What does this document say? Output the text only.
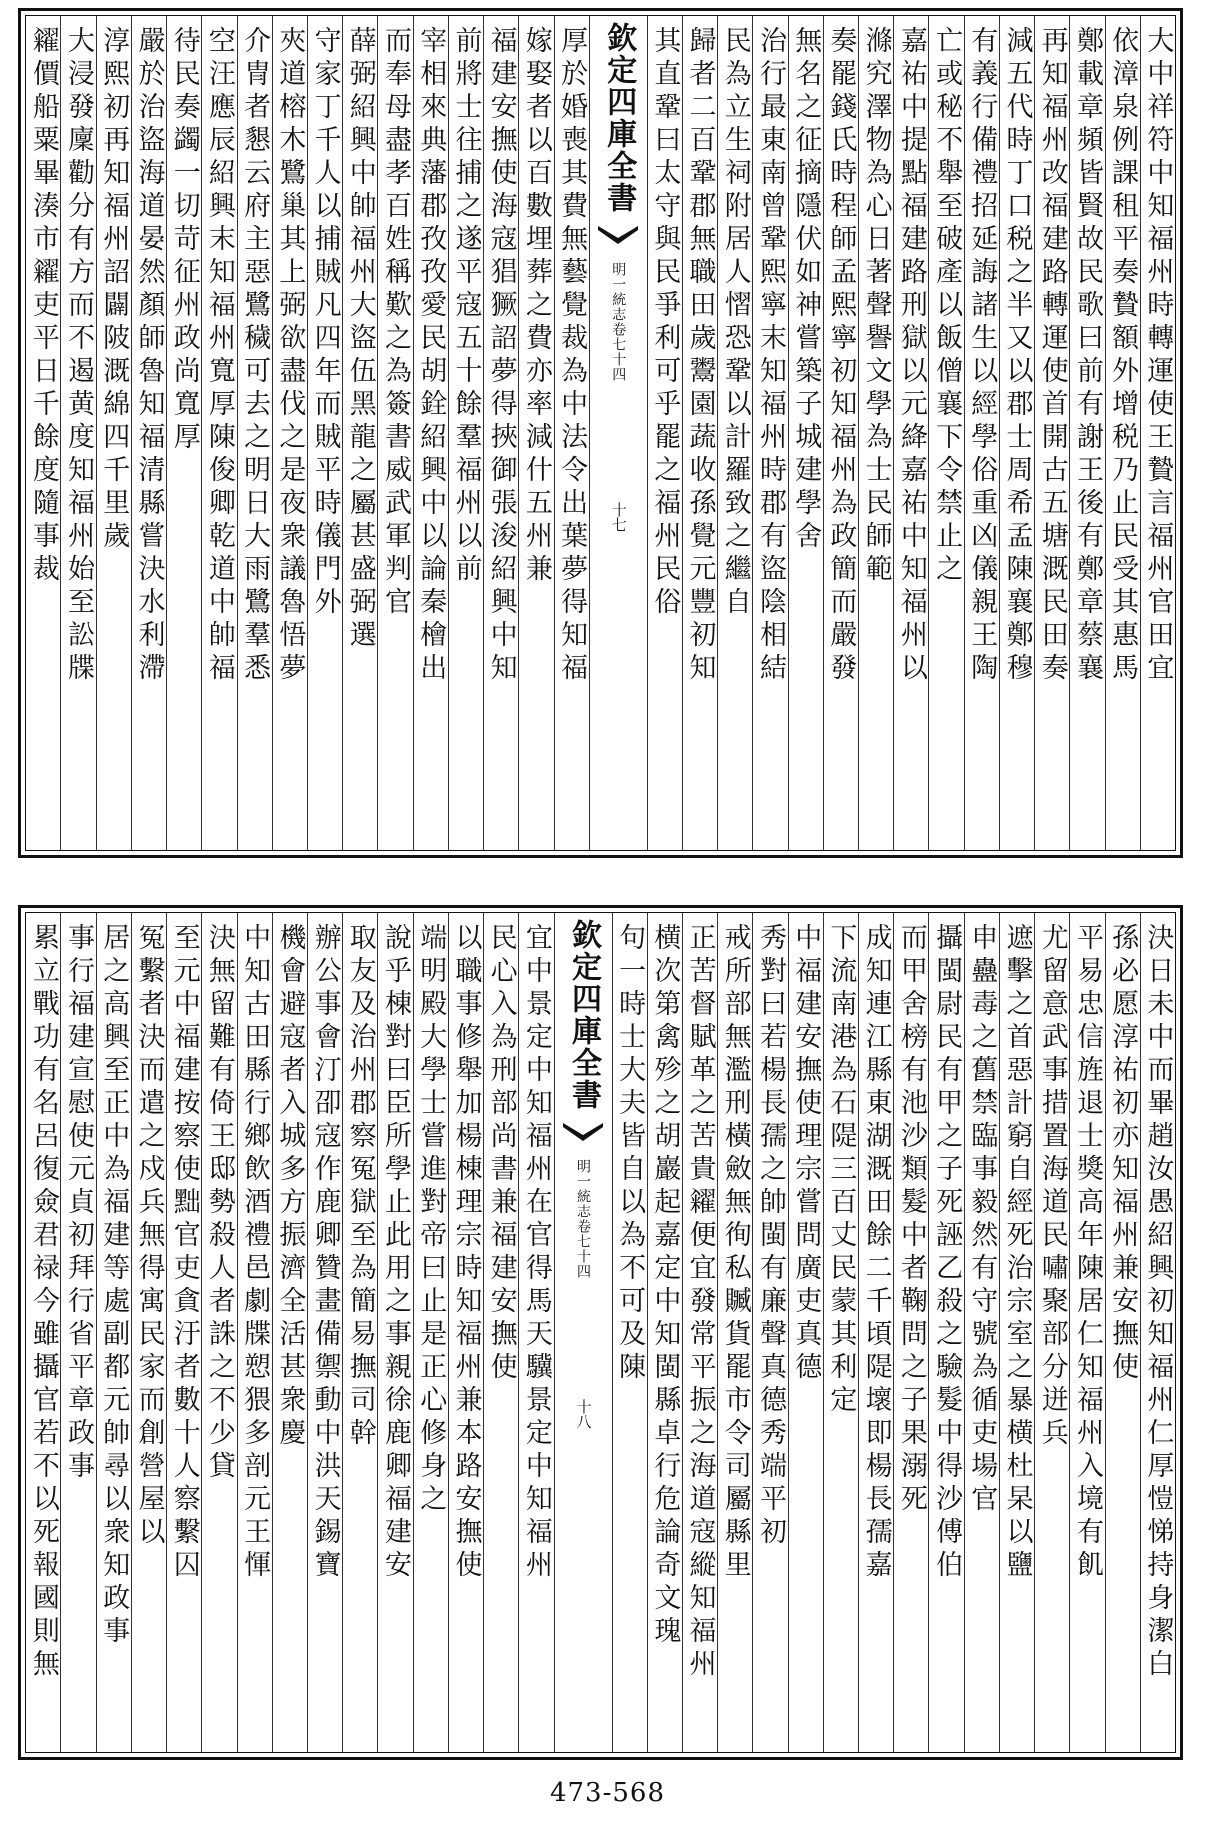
大中祥符中知福州時轉運使王贄言福州官田宜
依漳泉例課租平奏贄額外增税乃止民受其惠馬
鄭載章頻皆賢故民歌曰前有謝王後有鄭章蔡襄
再知福州改福建路轉運使首開古五塘溉民田奏
減五代時丁口税之半又以郡士周希孟陳襄鄭穆
有義行備禮招延誨諸生以經學俗重凶儀親王陶
亡或秘不舉至破產以飯僧襄下令禁止之
嘉祐中提點福建路刑獄以元絳嘉祐中知福州以
滌究澤物為心日著聲譽文學為士民師範
奏罷錢氏時程師孟熙寧初知福州為政簡而嚴發
無名之征摘隱伏如神嘗築子城建學舍
治行最東南曾鞏熙寧末知福州時郡有盜陰相結
民為立生祠附居人慴恐鞏以計羅致之繼自
歸者二百鞏郡無職田歲鬻園蔬收孫覺元豐初知
其直鞏曰太守與民爭利可乎罷之福州民俗
欽定四庫全書
明一統志
卷七十四
十七
厚於婚喪其費無藝覺裁為中法令出葉夢得知福
嫁娶者以百數埋葬之費亦率減什五州兼
福建安撫使海寇猖獗詔夢得挾御張浚紹興中知
前將士往捕之遂平寇五十餘羣福州以前
宰相來典藩郡孜孜愛民胡銓紹興中以論秦檜出
而奉母盡孝百姓稱歎之為簽書威武軍判官
薛弼紹興中帥福州大盜伍黑龍之屬甚盛弼選
守家丁千人以捕賊凡四年而賊平時儀門外
夾道榕木鷺巢其上弼欲盡伐之是夜衆議魯悟夢
介冑者懇云府主惡鷺穢可去之明日大雨鷺羣悉
空汪應辰紹興末知福州寬厚陳俊卿乾道中帥福
待民奏蠲一切苛征州政尚寬厚
嚴於治盜海道晏然顏師魯知福清縣嘗決水利滯
淳熙初再知福州詔闢陂溉綿四千里歲
大浸發廩勸分有方而不遏黄度知福州始至訟牒
糴價船粟畢湊市糴吏平日千餘度隨事裁
決日未中而畢趙汝愚紹興初知福州仁厚愷悌持身潔白
孫必愿淳祐初亦知福州兼安撫使
平易忠信旌退士獎高年陳居仁知福州入境有飢
尤留意武事措置海道民嘯聚部分迸兵
遮擊之首惡計窮自經死治宗室之暴横杜杲以鹽
申蠱毒之舊禁臨事毅然有守號為循吏場官
攝閩尉民有甲之子死誣乙殺之驗髮中得沙傅伯
而甲舍榜有池沙類髮中者鞠問之子果溺死
成知連江縣東湖溉田餘二千頃隄壞即楊長孺嘉
下流南港為石隄三百丈民蒙其利定
中福建安撫使理宗嘗問廣吏真德
秀對曰若楊長孺之帥閩有廉聲真德秀端平初
戒所部無濫刑橫斂無徇私贓貨罷市令司屬縣里
正苦督賦革之苦貴糴便宜發常平振之海道寇縱知福州
横次第禽殄之胡巖起嘉定中知閩縣卓行危論奇文瑰
句一時士大夫皆自以為不可及陳
欽定四庫全書
明一統志
卷七十四
十八
宜中景定中知福州在官得馬天驥景定中知福州
民心入為刑部尚書兼福建安撫使
以職事修舉加楊棟理宗時知福州兼本路安撫使
端明殿大學士嘗進對帝曰止是正心修身之
說乎棟對曰臣所學止此用之事親徐鹿卿福建安
取友及治州郡察冤獄至為簡易撫司幹
辦公事會汀卲寇作鹿卿贊畫備禦動中洪天錫寶
機會避寇者入城多方振濟全活甚衆慶
中知古田縣行鄉飲酒禮邑劇牒愬猥多剖元王惲
決無留難有倚王邸勢殺人者誅之不少貸
至元中福建按察使黜官吏貪汙者數十人察繫囚
冤繫者決而遣之戍兵無得寓民家而創營屋以
居之高興至正中為福建等處副都元帥尋以衆知政事
事行福建宣慰使元貞初拜行省平章政事
累立戰功有名呂復僉君禄今雖攝官若不以死報國則無
473-568
